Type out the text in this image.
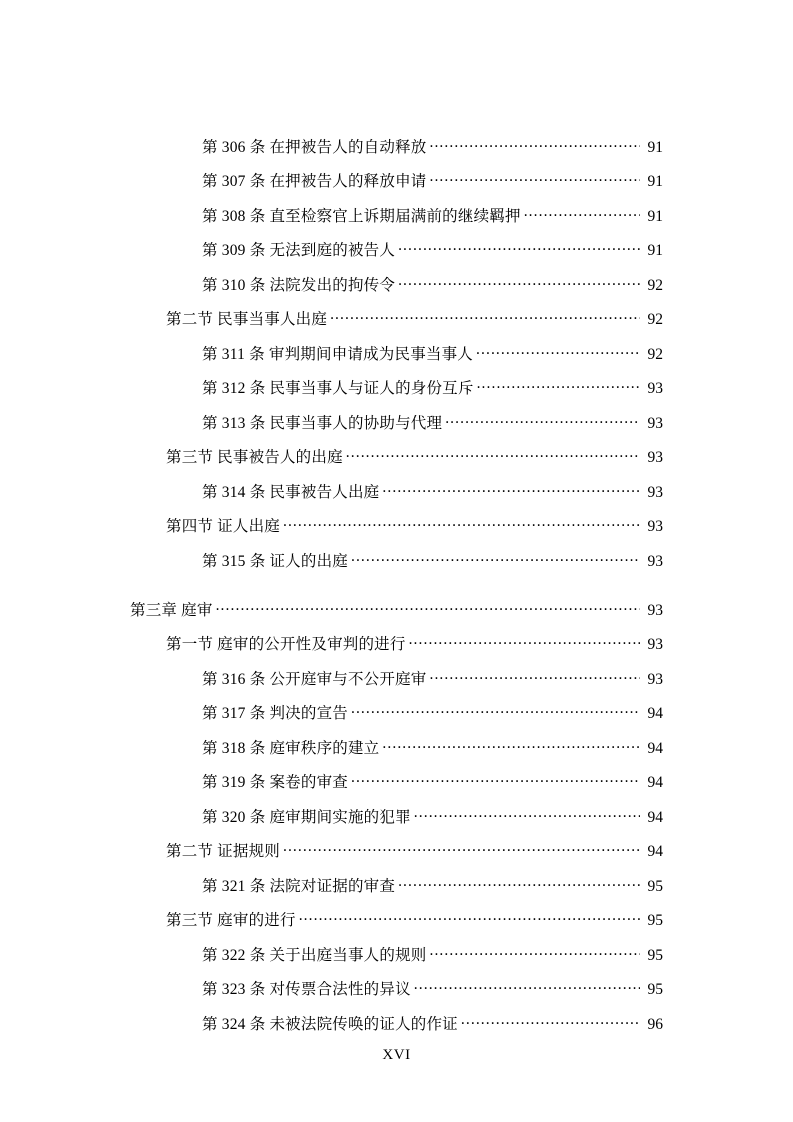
第 306 条 在押被告人的自动释放 .....	91
第 307 条 在押被告人的释放申请 .....	91
第 308 条 直至检察官上诉期届满前的继续羁押 .....	91
第 309 条 无法到庭的被告人 .....	91
第 310 条 法院发出的拘传令 .....	92
第二节 民事当事人出庭 .....	92
第 311 条 审判期间申请成为民事当事人 .....	92
第 312 条 民事当事人与证人的身份互斥 .....	93
第 313 条 民事当事人的协助与代理 .....	93
第三节 民事被告人的出庭 .....	93
第 314 条 民事被告人出庭 .....	93
第四节 证人出庭 .....	93
第 315 条 证人的出庭 .....	93
第三章 庭审 .....	93
第一节 庭审的公开性及审判的进行 .....	93
第 316 条 公开庭审与不公开庭审 .....	93
第 317 条 判决的宣告 .....	94
第 318 条 庭审秩序的建立 .....	94
第 319 条 案卷的审查 .....	94
第 320 条 庭审期间实施的犯罪 .....	94
第二节 证据规则 .....	94
第 321 条 法院对证据的审查 .....	95
第三节 庭审的进行 .....	95
第 322 条 关于出庭当事人的规则 .....	95
第 323 条 对传票合法性的异议 .....	95
第 324 条 未被法院传唤的证人的作证 .....	96
XVI
